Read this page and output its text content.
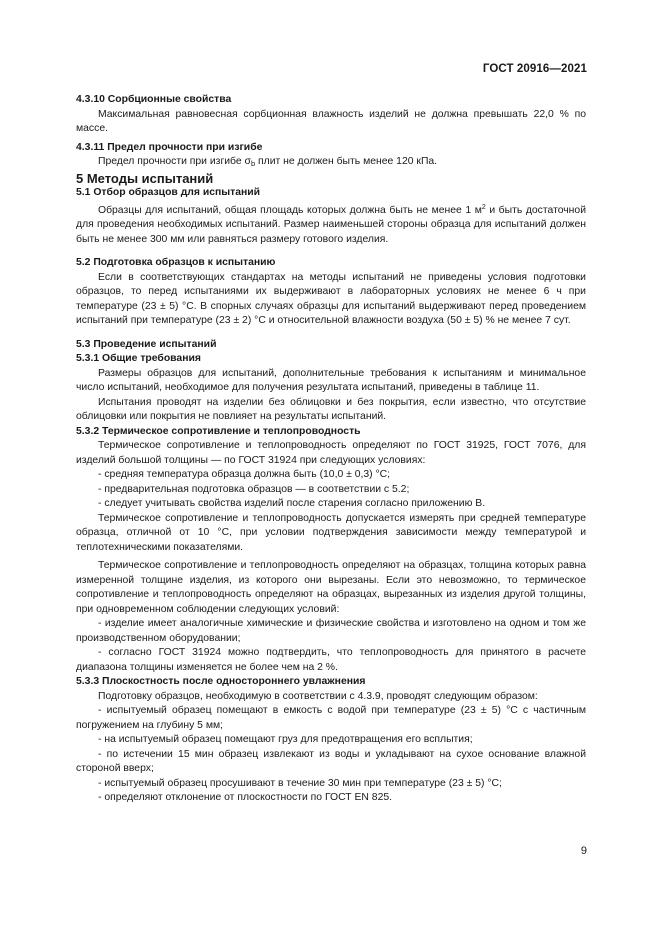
ГОСТ 20916—2021

4.3.10 Сорбционные свойства

Максимальная равновесная сорбционная влажность изделий не должна превышать 22,0 % по массе.

4.3.11 Предел прочности при изгибе

Предел прочности при изгибе $\sigma_b$ плит не должен быть менее 120 кПа.

5 Методы испытаний

5.1 Отбор образцов для испытаний

Образцы для испытаний, общая площадь которых должна быть не менее 1 $м^2$ и быть достаточной для проведения необходимых испытаний. Размер наименьшей стороны образца для испытаний должен быть не менее 300 мм или равняться размеру готового изделия.

5.2 Подготовка образцов к испытанию

Если в соответствующих стандартах на методы испытаний не приведены условия подготовки образцов, то перед испытаниями их выдерживают в лабораторных условиях не менее 6 ч при температуре (23 ± 5) °С. В спорных случаях образцы для испытаний выдерживают перед проведением испытаний при температуре (23 ± 2) °С и относительной влажности воздуха (50 ± 5) % не менее 7 сут.

5.3 Проведение испытаний

5.3.1 Общие требования

Размеры образцов для испытаний, дополнительные требования к испытаниям и минимальное число испытаний, необходимое для получения результата испытаний, приведены в таблице 11.

Испытания проводят на изделии без облицовки и без покрытия, если известно, что отсутствие облицовки или покрытия не повлияет на результаты испытаний.

5.3.2 Термическое сопротивление и теплопроводность

Термическое сопротивление и теплопроводность определяют по ГОСТ 31925, ГОСТ 7076, для изделий большой толщины — по ГОСТ 31924 при следующих условиях:

- средняя температура образца должна быть (10,0 ± 0,3) °С;

- предварительная подготовка образцов — в соответствии с 5.2;

- следует учитывать свойства изделий после старения согласно приложению В.

Термическое сопротивление и теплопроводность допускается измерять при средней температуре образца, отличной от 10 °С, при условии подтверждения зависимости между температурой и теплотехническими показателями.

Термическое сопротивление и теплопроводность определяют на образцах, толщина которых равна измеренной толщине изделия, из которого они вырезаны. Если это невозможно, то термическое сопротивление и теплопроводность определяют на образцах, вырезанных из изделия другой толщины, при одновременном соблюдении следующих условий:

- изделие имеет аналогичные химические и физические свойства и изготовлено на одном и том же производственном оборудовании;

- согласно ГОСТ 31924 можно подтвердить, что теплопроводность для принятого в расчете диапазона толщины изменяется не более чем на 2 %.

5.3.3 Плоскостность после одностороннего увлажнения

Подготовку образцов, необходимую в соответствии с 4.3.9, проводят следующим образом:

- испытуемый образец помещают в емкость с водой при температуре (23 ± 5) °С с частичным погружением на глубину 5 мм;

- на испытуемый образец помещают груз для предотвращения его всплытия;

- по истечении 15 мин образец извлекают из воды и укладывают на сухое основание влажной стороной вверх;

- испытуемый образец просушивают в течение 30 мин при температуре (23 ± 5) °С;

- определяют отклонение от плоскостности по ГОСТ EN 825.

9
